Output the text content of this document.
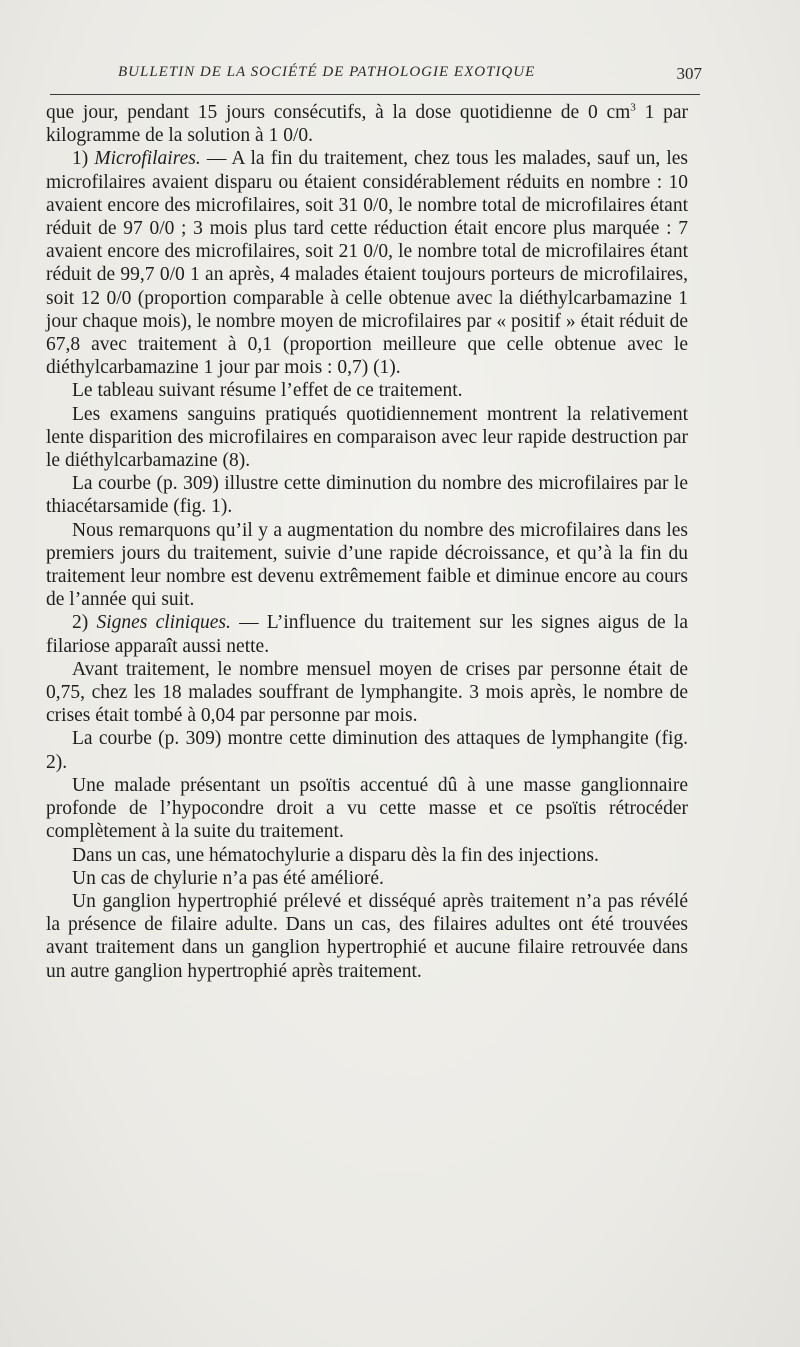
BULLETIN DE LA SOCIÉTÉ DE PATHOLOGIE EXOTIQUE	307

que jour, pendant 15 jours consécutifs, à la dose quotidienne de 0 $cm^3$ 1 par kilogramme de la solution à 1 0/0.

1) Microfilaires. — A la fin du traitement, chez tous les malades, sauf un, les microfilaires avaient disparu ou étaient considérablement réduits en nombre : 10 avaient encore des microfilaires, soit 31 0/0, le nombre total de microfilaires étant réduit de 97 0/0 ; 3 mois plus tard cette réduction était encore plus marquée : 7 avaient encore des microfilaires, soit 21 0/0, le nombre total de microfilaires étant réduit de 99,7 0/0 1 an après, 4 malades étaient toujours porteurs de microfilaires, soit 12 0/0 (proportion comparable à celle obtenue avec la diéthylcarbamazine 1 jour chaque mois), le nombre moyen de microfilaires par « positif » était réduit de 67,8 avec traitement à 0,1 (proportion meilleure que celle obtenue avec le diéthylcarbamazine 1 jour par mois : 0,7) (1).

Le tableau suivant résume l’effet de ce traitement.

Les examens sanguins pratiqués quotidiennement montrent la relativement lente disparition des microfilaires en comparaison avec leur rapide destruction par le diéthylcarbamazine (8).

La courbe (p. 309) illustre cette diminution du nombre des microfilaires par le thiacétarsamide (fig. 1).

Nous remarquons qu’il y a augmentation du nombre des microfilaires dans les premiers jours du traitement, suivie d’une rapide décroissance, et qu’à la fin du traitement leur nombre est devenu extrêmement faible et diminue encore au cours de l’année qui suit.

2) Signes cliniques. — L’influence du traitement sur les signes aigus de la filariose apparaît aussi nette.

Avant traitement, le nombre mensuel moyen de crises par personne était de 0,75, chez les 18 malades souffrant de lymphangite. 3 mois après, le nombre de crises était tombé à 0,04 par personne par mois.

La courbe (p. 309) montre cette diminution des attaques de lymphangite (fig. 2).

Une malade présentant un psoïtis accentué dû à une masse ganglionnaire profonde de l’hypocondre droit a vu cette masse et ce psoïtis rétrocéder complètement à la suite du traitement.

Dans un cas, une hématochylurie a disparu dès la fin des injections.

Un cas de chylurie n’a pas été amélioré.

Un ganglion hypertrophié prélevé et disséqué après traitement n’a pas révélé la présence de filaire adulte. Dans un cas, des filaires adultes ont été trouvées avant traitement dans un ganglion hypertrophié et aucune filaire retrouvée dans un autre ganglion hypertrophié après traitement.
